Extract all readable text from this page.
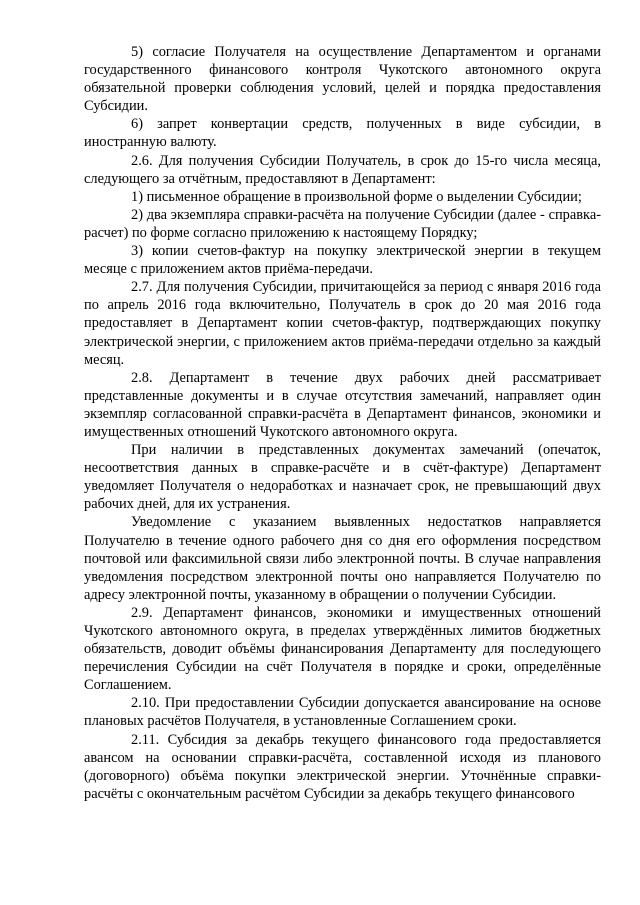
5) согласие Получателя на осуществление Департаментом и органами государственного финансового контроля Чукотского автономного округа обязательной проверки соблюдения условий, целей и порядка предоставления Субсидии.

6) запрет конвертации средств, полученных в виде субсидии, в иностранную валюту.

2.6. Для получения Субсидии Получатель, в срок до 15-го числа месяца, следующего за отчётным, предоставляют в Департамент:

1) письменное обращение в произвольной форме о выделении Субсидии;

2) два экземпляра справки-расчёта на получение Субсидии (далее - справка-расчет) по форме согласно приложению к настоящему Порядку;

3) копии счетов-фактур на покупку электрической энергии в текущем месяце с приложением актов приёма-передачи.

2.7. Для получения Субсидии, причитающейся за период с января 2016 года по апрель 2016 года включительно, Получатель в срок до 20 мая 2016 года предоставляет в Департамент копии счетов-фактур, подтверждающих покупку электрической энергии, с приложением актов приёма-передачи отдельно за каждый месяц.

2.8. Департамент в течение двух рабочих дней рассматривает представленные документы и в случае отсутствия замечаний, направляет один экземпляр согласованной справки-расчёта в Департамент финансов, экономики и имущественных отношений Чукотского автономного округа.

При наличии в представленных документах замечаний (опечаток, несоответствия данных в справке-расчёте и в счёт-фактуре) Департамент уведомляет Получателя о недоработках и назначает срок, не превышающий двух рабочих дней, для их устранения.

Уведомление с указанием выявленных недостатков направляется Получателю в течение одного рабочего дня со дня его оформления посредством почтовой или факсимильной связи либо электронной почты. В случае направления уведомления посредством электронной почты оно направляется Получателю по адресу электронной почты, указанному в обращении о получении Субсидии.

2.9. Департамент финансов, экономики и имущественных отношений Чукотского автономного округа, в пределах утверждённых лимитов бюджетных обязательств, доводит объёмы финансирования Департаменту для последующего перечисления Субсидии на счёт Получателя в порядке и сроки, определённые Соглашением.

2.10. При предоставлении Субсидии допускается авансирование на основе плановых расчётов Получателя, в установленные Соглашением сроки.

2.11. Субсидия за декабрь текущего финансового года предоставляется авансом на основании справки-расчёта, составленной исходя из планового (договорного) объёма покупки электрической энергии. Уточнённые справки-расчёты с окончательным расчётом Субсидии за декабрь текущего финансового
